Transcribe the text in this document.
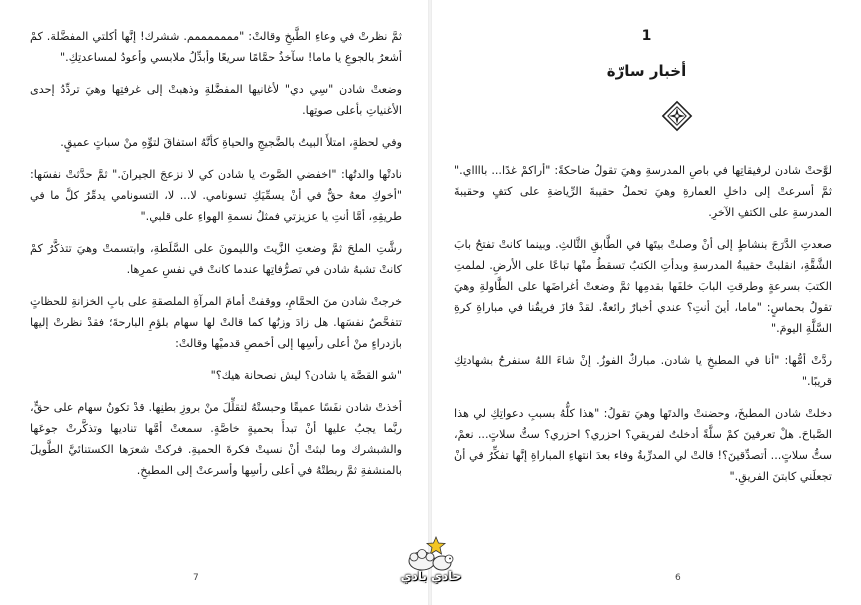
ثمَّ نظرتْ في وعاءِ الطَّبخِ وقالتْ: "مممممممم. ششرك! إنَّها أكلتي المفضَّلة. كمْ أشعرُ بالجوعِ يا ماما! سآخذُ حمَّامًا سريعًا وأبدِّلُ ملابسي وأعودُ لمساعدتِكِ."

وضعتْ شادن "سِي دي" لأغانيها المفضَّلةِ وذهبتْ إلى غرفتِها وهيَ تردِّدُ إحدى الأغنياتِ بأعلى صوتِها.

وفي لحظةٍ، امتلأَ البيتُ بالضَّجيجِ والحياةِ كأنَّهُ استفاقَ لتوِّهِ منْ سباتٍ عميقٍ.

نادتْها والدتُها: "اخفضي الصَّوتَ يا شادن كي لا نزعجَ الجيرانَ." ثمَّ حدَّثتْ نفسَها: "أخوكِ معهُ حقٌّ في أنْ يسمِّيَكِ تسونامي. لا... لا، التسونامي يدمِّرُ كلَّ ما في طريقِهِ، أمَّا أنتِ يا عزيزتي فمثلُ نسمةِ الهواءِ على قلبي."

رشَّتِ الملحَ ثمَّ وضعتِ الزَّيتَ والليمونَ على السَّلَطةِ، وابتسمتْ وهيَ تتذكَّرُ كمْ كانتْ تشبهُ شادن في تصرُّفاتِها عندما كانتْ في نفسِ عمرِها.

خرجتْ شادن منَ الحمَّامِ، ووقفتْ أمامَ المرآةِ الملصقةِ على بابِ الخزانةِ للحظاتٍ تتفحَّصُ نفسَها. هل زادَ وزنُها كما قالتْ لها سهام بلؤمِ البارحةَ؛ فقدْ نظرتْ إليها بازدراءٍ منْ أعلى رأسِها إلى أخمصِ قدميْها وقالتْ:

"شو القصَّة يا شادن؟ ليش نصحانة هيك؟"

أخذتْ شادن نفَسًا عميقًا وحبستْهُ لتقلِّلَ منْ بروزِ بطنِها. قدْ تكونُ سهام على حقٍّ، ربَّما يجبُ عليها أنْ تبدأَ بحميةٍ خاصَّةٍ. سمعتْ أمَّها تناديها وتذكَّرتْ جوعَها والشبشرك وما لبثتْ أنْ نسيتْ فكرةَ الحميةِ. فركتْ شعرَها الكستنائيَّ الطَّويلَ بالمنشفةِ ثمَّ ربطتْهُ في أعلى رأسِها وأسرعتْ إلى المطبخِ.

7
1
أخبار سارّة

لوَّحتْ شادن لرفيقاتِها في باصِ المدرسةِ وهيَ تقولُ ضاحكةً: "أراكمْ غدًا... بااااي." ثمَّ أسرعتْ إلى داخلِ العمارةِ وهيَ تحملُ حقيبةَ الرِّياضةِ على كتفٍ وحقيبةَ المدرسةِ على الكتفِ الآخرِ.

صعدتِ الدَّرَجَ بنشاطٍ إلى أنْ وصلتْ بيتَها في الطَّابقِ الثَّالثِ. وبينما كانتْ تفتحُ بابَ الشَّقَّةِ، انقلبتْ حقيبةُ المدرسةِ وبدأتِ الكتبُ تسقطُ منْها تباعًا على الأرضِ. لملمتِ الكتبَ بسرعةٍ وطرقتِ البابَ خلفَها بقدمِها ثمَّ وضعتْ أغراضَها على الطَّاولةِ وهيَ تقولُ بحماسٍ: "ماما، أينَ أنتِ؟ عندي أخبارٌ رائعةٌ. لقدْ فازَ فريقُنا في مباراةِ كرةِ السَّلَّةِ اليومَ."

ردَّتْ أمُّها: "أنا في المطبخِ يا شادن. مباركٌ الفوزُ. إنْ شاءَ اللهُ سنفرحُ بشهادتِكِ قريبًا."

دخلتْ شادن المطبخَ، وحضنتْ والدتَها وهيَ تقولُ: "هذا كلُّهُ بسببِ دعواتِكِ لي هذا الصَّباحَ. هلْ تعرفينَ كمْ سلَّةً أدخلتُ لفريقي؟ احزري؟ احزري؟ ستُّ سلاتٍ... نعمْ، ستُّ سلاتٍ... أتصدِّقينَ؟! قالتْ لي المدرِّبةُ وفاء بعدَ انتهاءِ المباراةِ إنَّها تفكِّرُ في أنْ تجعلَني كابتنَ الفريقِ."

6
حادي بادي
